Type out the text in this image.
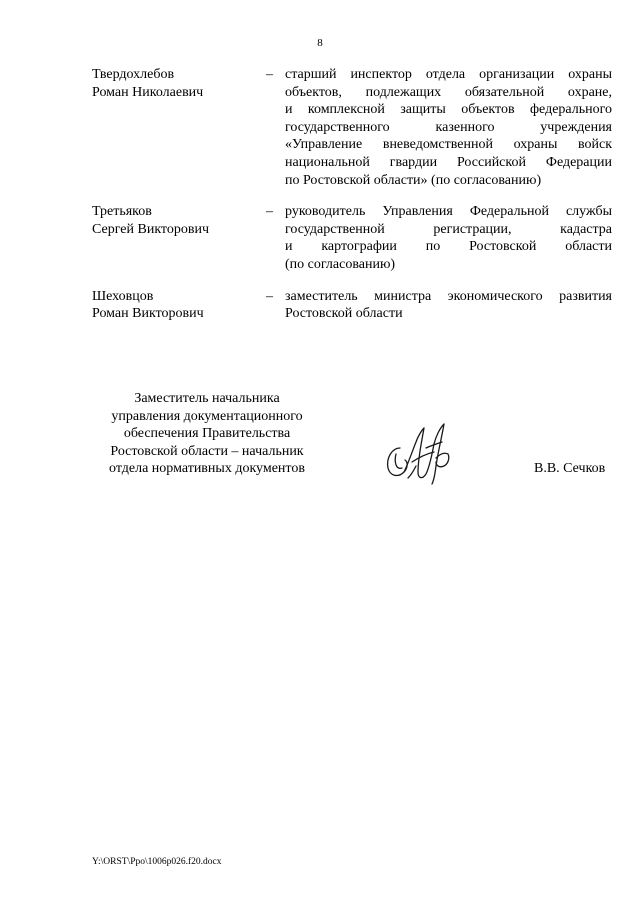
8
Твердохлебов
Роман Николаевич
– старший инспектор отдела организации охраны
объектов, подлежащих обязательной охране,
и комплексной защиты объектов федерального
государственного казенного учреждения
«Управление вневедомственной охраны войск
национальной гвардии Российской Федерации
по Ростовской области» (по согласованию)
Третьяков
Сергей Викторович
– руководитель Управления Федеральной службы
государственной регистрации, кадастра
и картографии по Ростовской области
(по согласованию)
Шеховцов
Роман Викторович
– заместитель министра экономического развития
Ростовской области
Заместитель начальника
управления документационного
обеспечения Правительства
Ростовской области – начальник
отдела нормативных документов	В.В. Сечков
Y:\ORST\Ppo\1006p026.f20.docx
